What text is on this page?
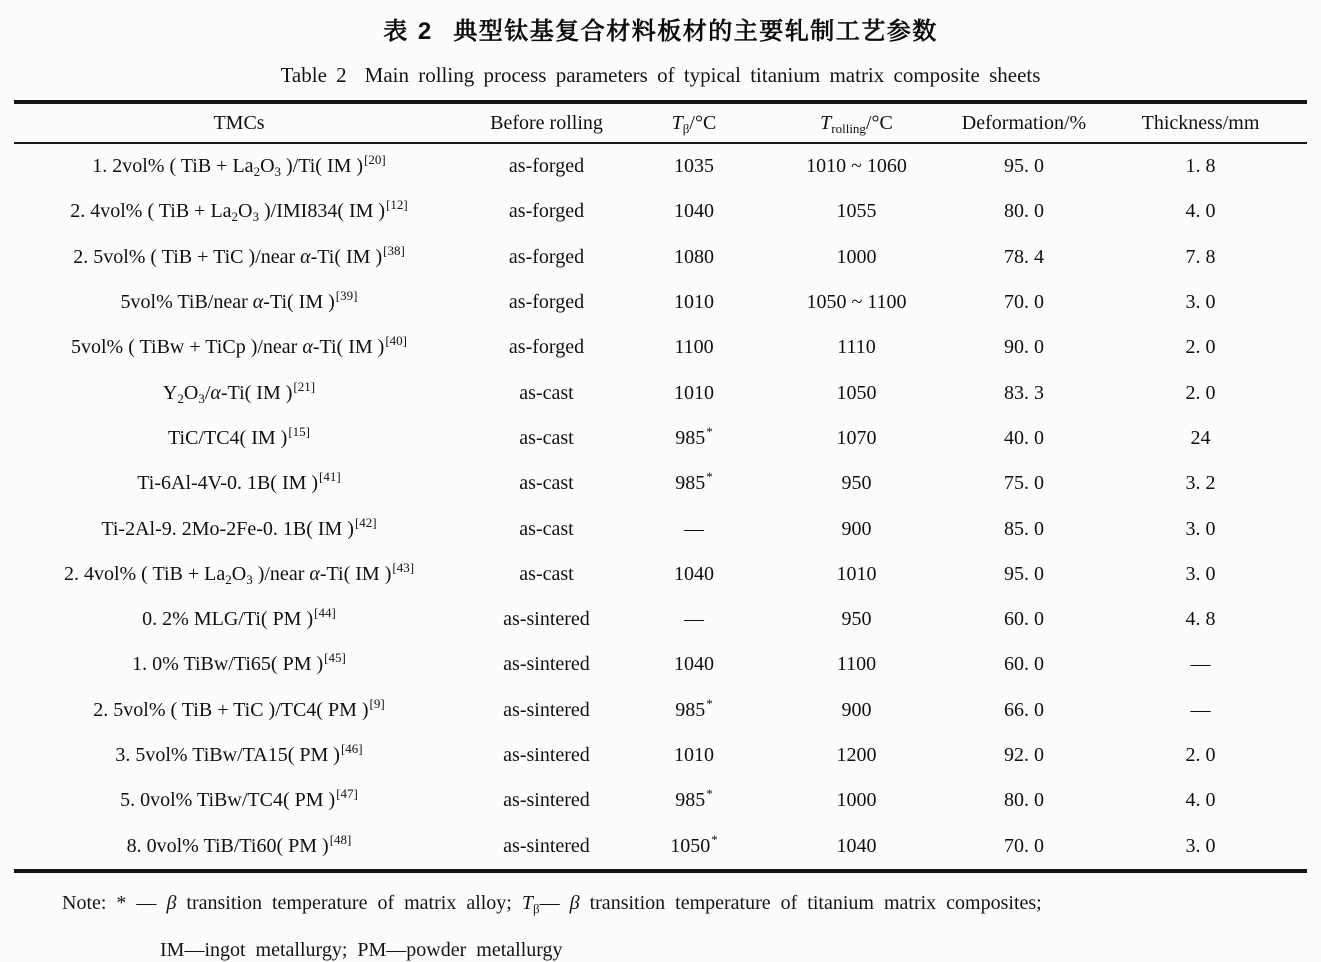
表 2 典型钛基复合材料板材的主要轧制工艺参数
Table 2 Main rolling process parameters of typical titanium matrix composite sheets
TMCs	Before rolling	$T_\beta/^\circ C$	$T_{rolling}/^\circ C$	Deformation/%	Thickness/mm
1. 2vol% ( TiB + $La_2O_3$ )/Ti( IM )[20]	as-forged	1035	1010 ~ 1060	95. 0	1. 8
2. 4vol% ( TiB + $La_2O_3$ )/IMI834( IM )[12]	as-forged	1040	1055	80. 0	4. 0
2. 5vol% ( TiB + TiC )/near α-Ti( IM )[38]	as-forged	1080	1000	78. 4	7. 8
5vol% TiB/near α-Ti( IM )[39]	as-forged	1010	1050 ~ 1100	70. 0	3. 0
5vol% ( TiBw + TiCp )/near α-Ti( IM )[40]	as-forged	1100	1110	90. 0	2. 0
$Y_2O_3/\alpha-Ti$( IM )[21]	as-cast	1010	1050	83. 3	2. 0
TiC/TC4( IM )[15]	as-cast	985*	1070	40. 0	24
Ti-6Al-4V-0. 1B( IM )[41]	as-cast	985*	950	75. 0	3. 2
Ti-2Al-9. 2Mo-2Fe-0. 1B( IM )[42]	as-cast	—	900	85. 0	3. 0
2. 4vol% ( TiB + $La_2O_3$ )/near α-Ti( IM )[43]	as-cast	1040	1010	95. 0	3. 0
0. 2% MLG/Ti( PM )[44]	as-sintered	—	950	60. 0	4. 8
1. 0% TiBw/Ti65( PM )[45]	as-sintered	1040	1100	60. 0	—
2. 5vol% ( TiB + TiC )/TC4( PM )[9]	as-sintered	985*	900	66. 0	—
3. 5vol% TiBw/TA15( PM )[46]	as-sintered	1010	1200	92. 0	2. 0
5. 0vol% TiBw/TC4( PM )[47]	as-sintered	985*	1000	80. 0	4. 0
8. 0vol% TiB/Ti60( PM )[48]	as-sintered	1050*	1040	70. 0	3. 0
Note: * — β transition temperature of matrix alloy; $T_\beta—$ β transition temperature of titanium matrix composites;
IM—ingot metallurgy; PM—powder metallurgy
